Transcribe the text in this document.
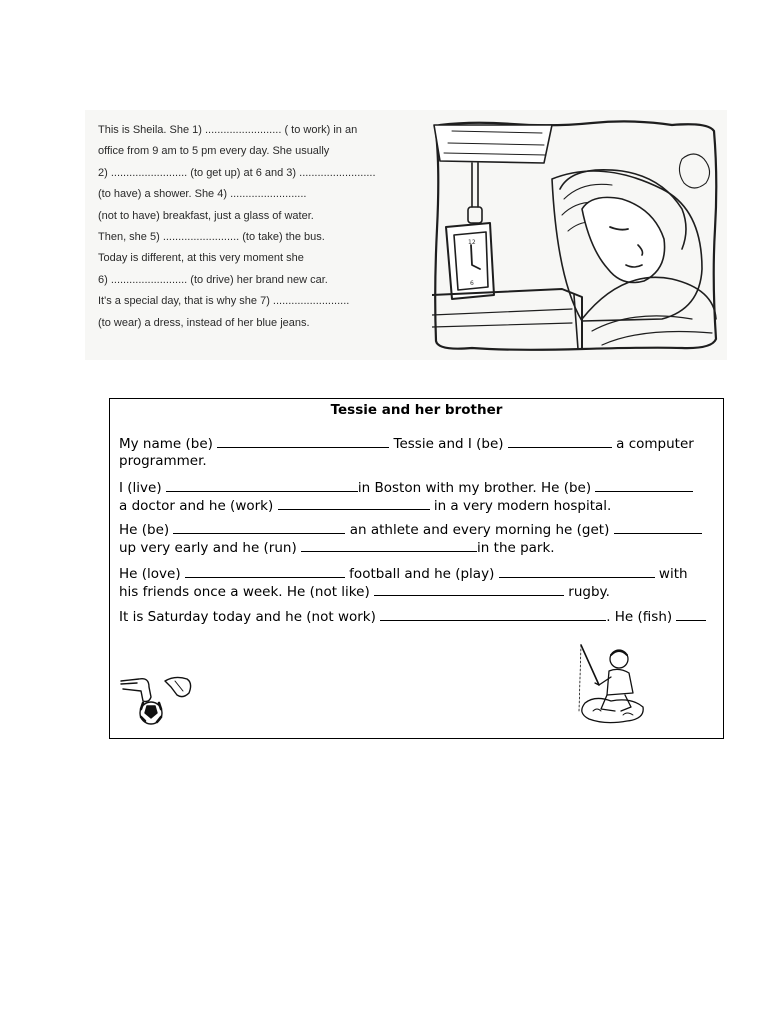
This is Sheila. She 1) ......................... ( to work) in an
office from 9 am to 5 pm every day. She usually
2) ......................... (to get up) at 6 and 3) .........................
(to have) a shower. She 4) .........................
(not to have) breakfast, just a glass of water.
Then, she 5) ......................... (to take) the bus.
Today is different, at this very moment she
6) ......................... (to drive) her brand new car.
It's a special day, that is why she 7) .........................
(to wear) a dress, instead of her blue jeans.
12
6
Tessie and her brother
My name (be)	Tessie and I (be)	a computer
programmer.
I (live)	in Boston with my brother. He (be)
a doctor and he (work)	in a very modern hospital.
He (be)	an athlete and every morning he (get)
up very early and he (run)	in the park.
He (love)	football and he (play)	with
his friends once a week. He (not like)	rugby.
It is Saturday today and he (not work)	. He (fish)
